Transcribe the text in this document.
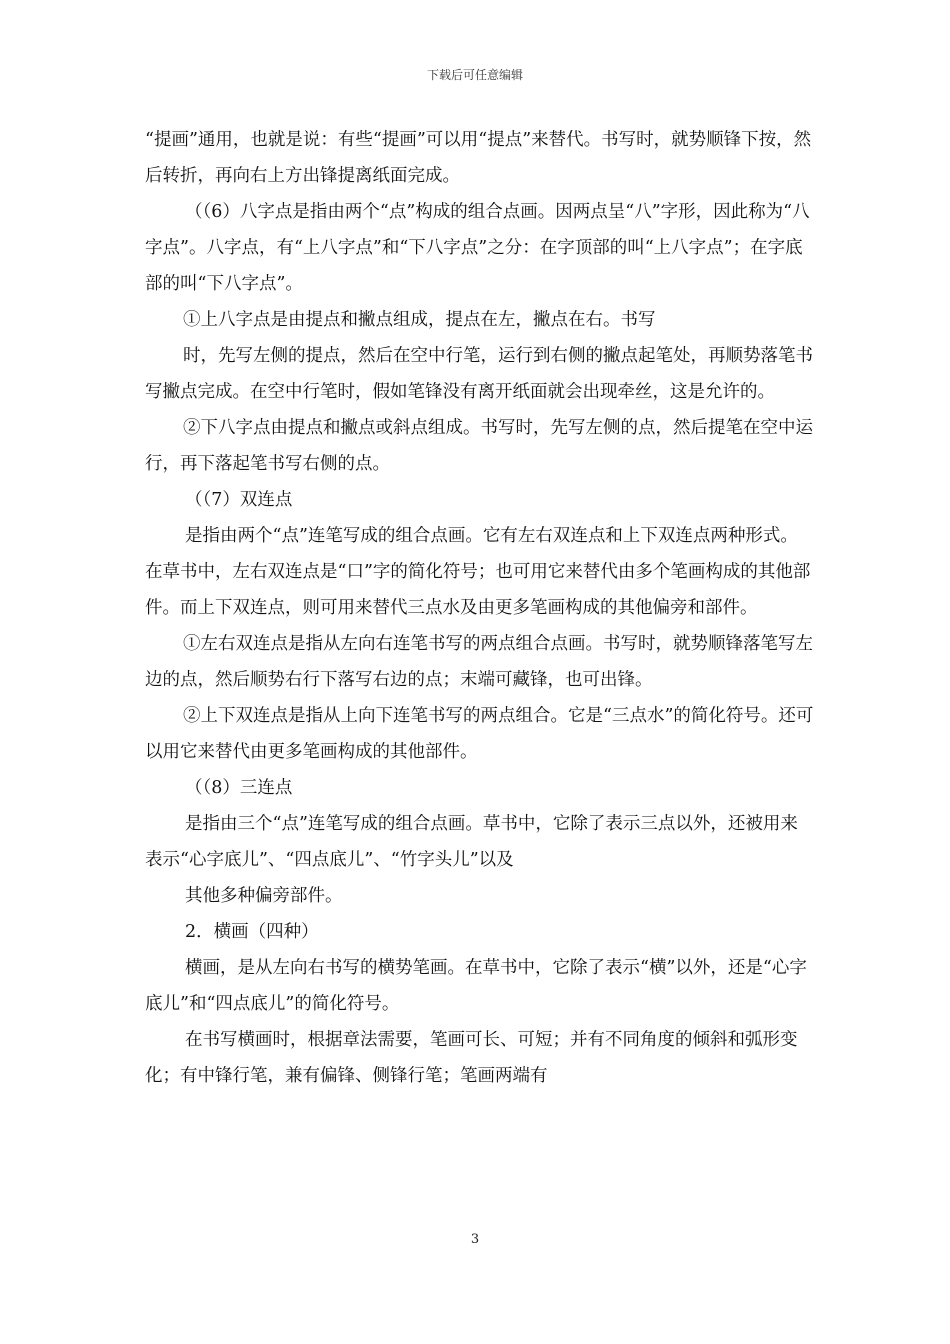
下载后可任意编辑

“提画”通用，也就是说：有些“提画”可以用“提点”来替代。书写时，就势顺锋下按，然后转折，再向右上方出锋提离纸面完成。

（（6）八字点是指由两个“点”构成的组合点画。因两点呈“八”字形，因此称为“八字点”。八字点，有“上八字点”和“下八字点”之分：在字顶部的叫“上八字点”；在字底部的叫“下八字点”。

①上八字点是由提点和撇点组成，提点在左，撇点在右。书写

时，先写左侧的提点，然后在空中行笔，运行到右侧的撇点起笔处，再顺势落笔书写撇点完成。在空中行笔时，假如笔锋没有离开纸面就会出现牵丝，这是允许的。

②下八字点由提点和撇点或斜点组成。书写时，先写左侧的点，然后提笔在空中运行，再下落起笔书写右侧的点。

（（7）双连点

是指由两个“点”连笔写成的组合点画。它有左右双连点和上下双连点两种形式。在草书中，左右双连点是“口”字的简化符号；也可用它来替代由多个笔画构成的其他部件。而上下双连点，则可用来替代三点水及由更多笔画构成的其他偏旁和部件。

①左右双连点是指从左向右连笔书写的两点组合点画。书写时，就势顺锋落笔写左边的点，然后顺势右行下落写右边的点；末端可藏锋，也可出锋。

②上下双连点是指从上向下连笔书写的两点组合。它是“三点水”的简化符号。还可以用它来替代由更多笔画构成的其他部件。

（（8）三连点

是指由三个“点”连笔写成的组合点画。草书中，它除了表示三点以外，还被用来表示“心字底儿”、“四点底儿”、“竹字头儿”以及

其他多种偏旁部件。

2．横画（四种）

横画，是从左向右书写的横势笔画。在草书中，它除了表示“横”以外，还是“心字底儿”和“四点底儿”的简化符号。

在书写横画时，根据章法需要，笔画可长、可短；并有不同角度的倾斜和弧形变化；有中锋行笔，兼有偏锋、侧锋行笔；笔画两端有

3
